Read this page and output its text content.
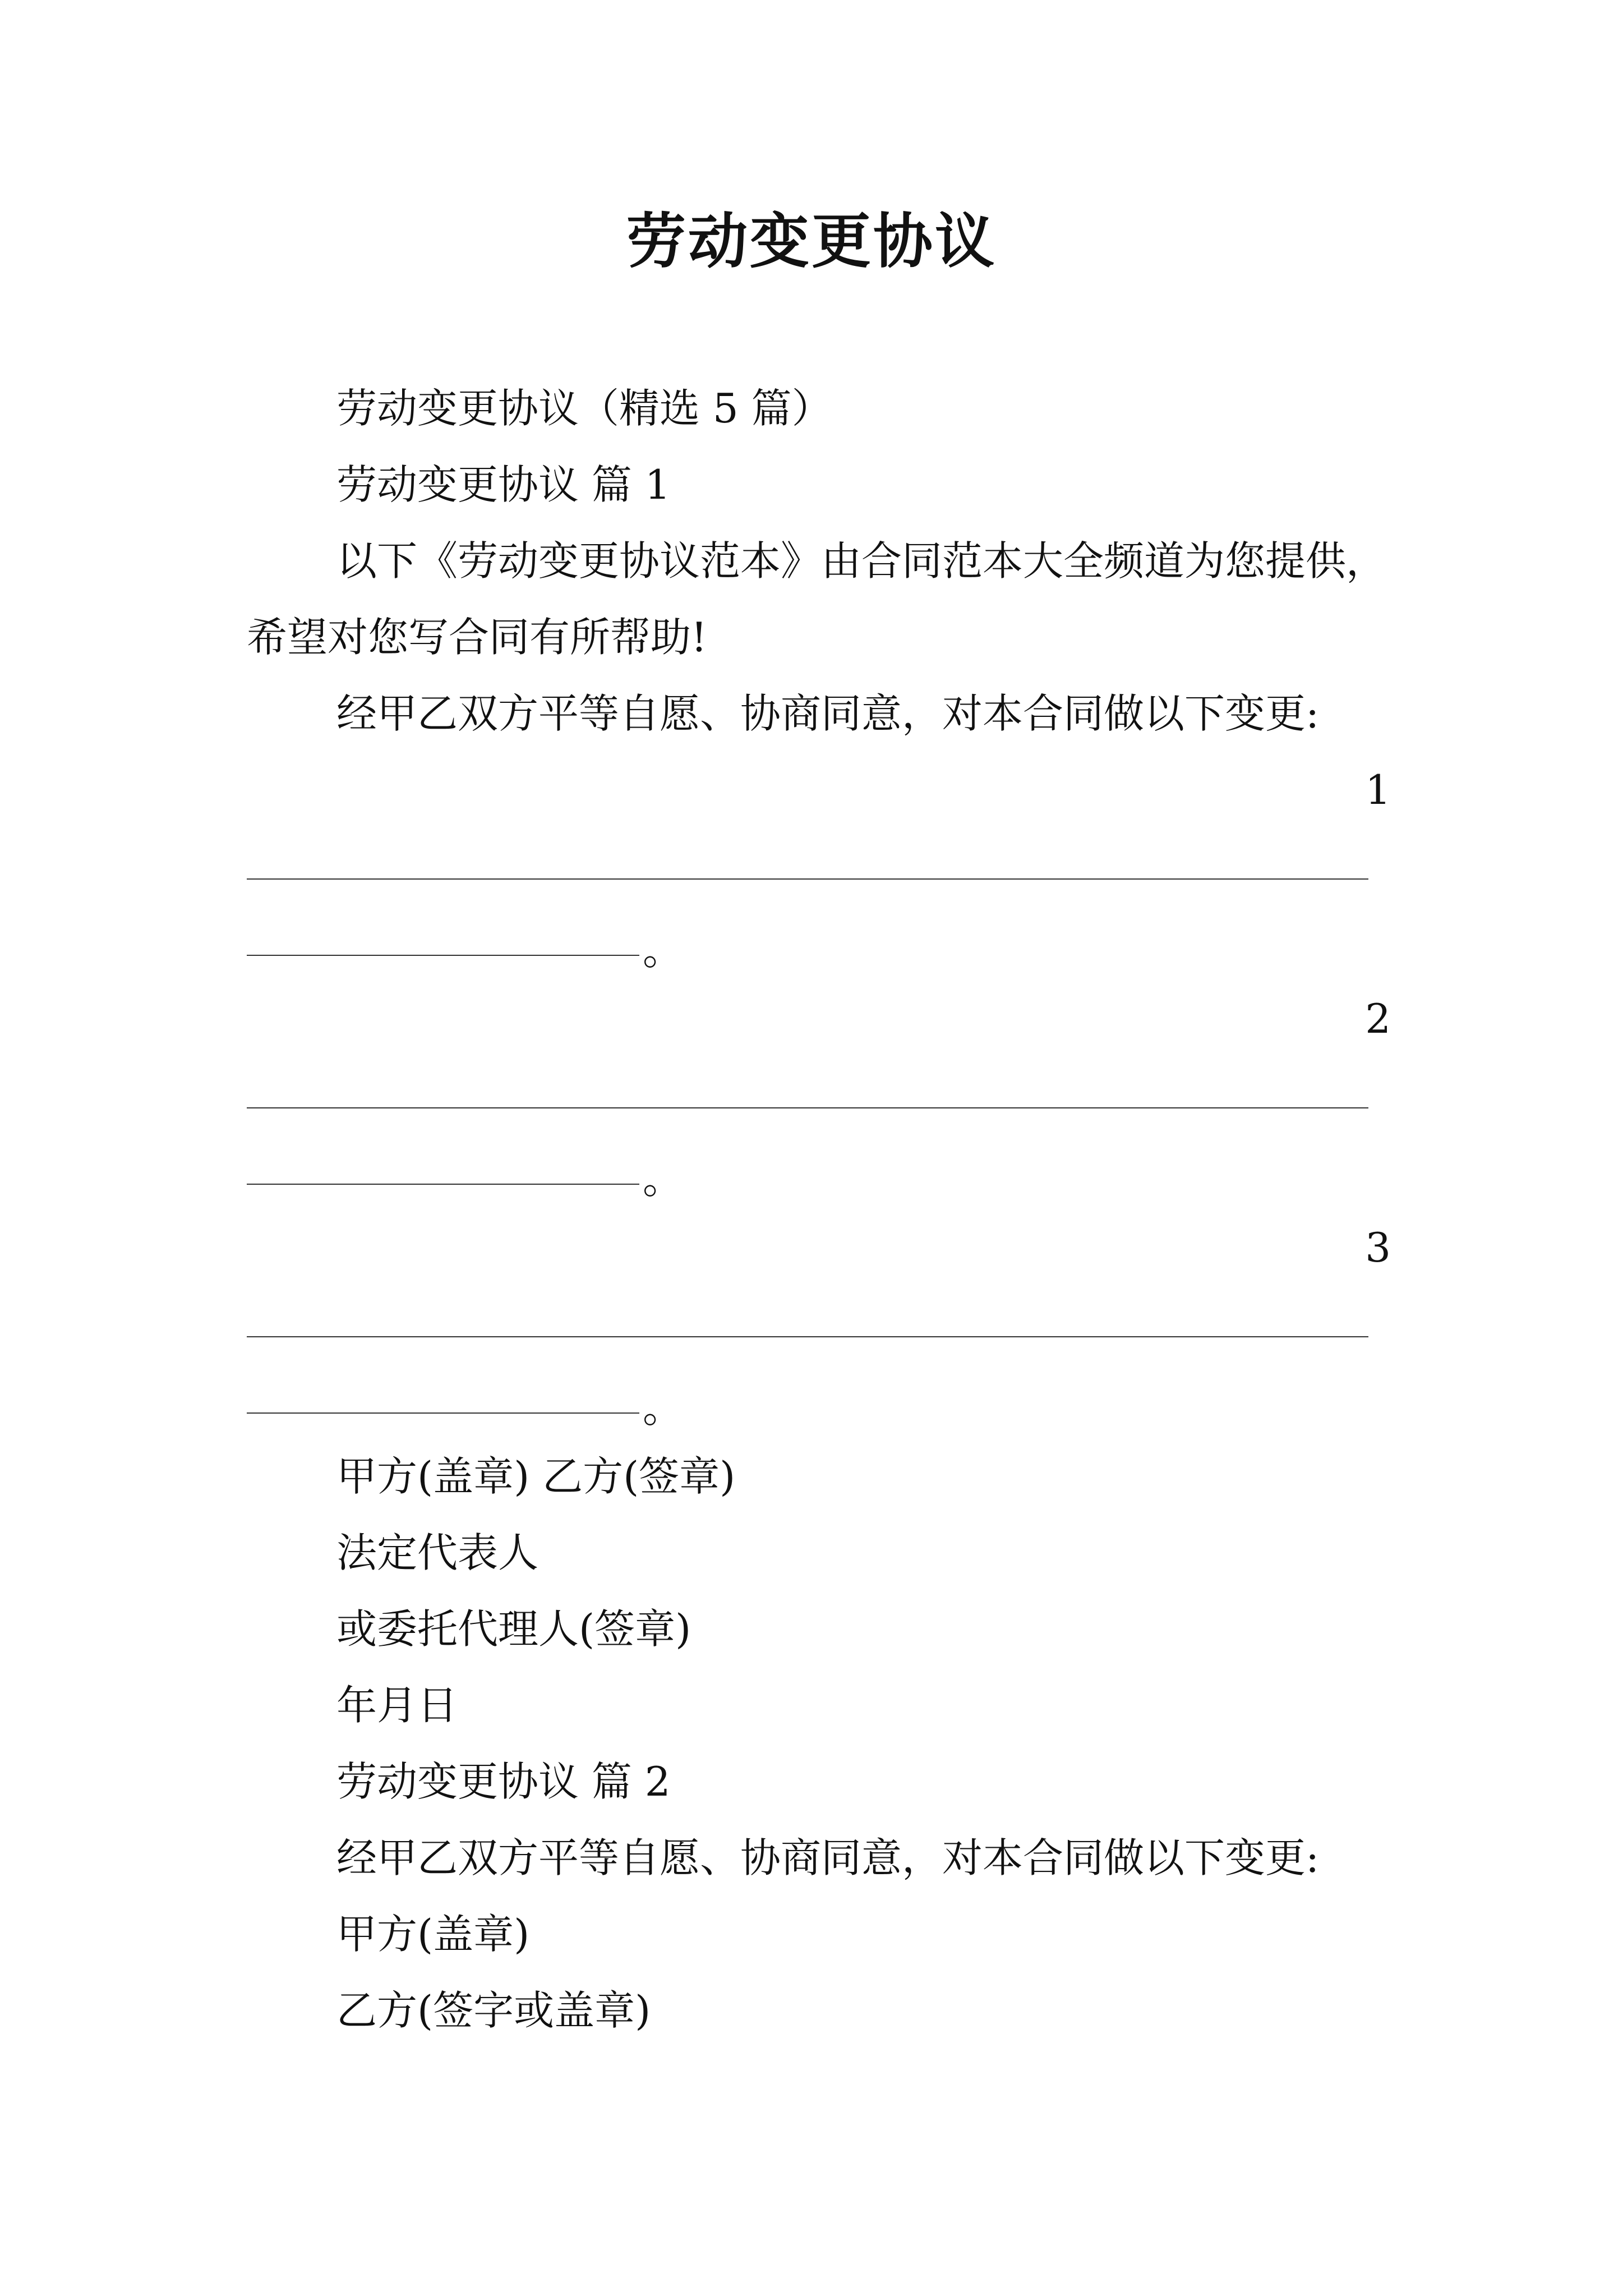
劳动变更协议

劳动变更协议（精选 5 篇）

劳动变更协议 篇 1

以下《劳动变更协议范本》由合同范本大全频道为您提供，希望对您写合同有所帮助!

经甲乙双方平等自愿、协商同意，对本合同做以下变更:

1
。
2
。
3
。

甲方(盖章) 乙方(签章)

法定代表人

或委托代理人(签章)

年月日

劳动变更协议 篇 2

经甲乙双方平等自愿、协商同意，对本合同做以下变更:

甲方(盖章)

乙方(签字或盖章)
